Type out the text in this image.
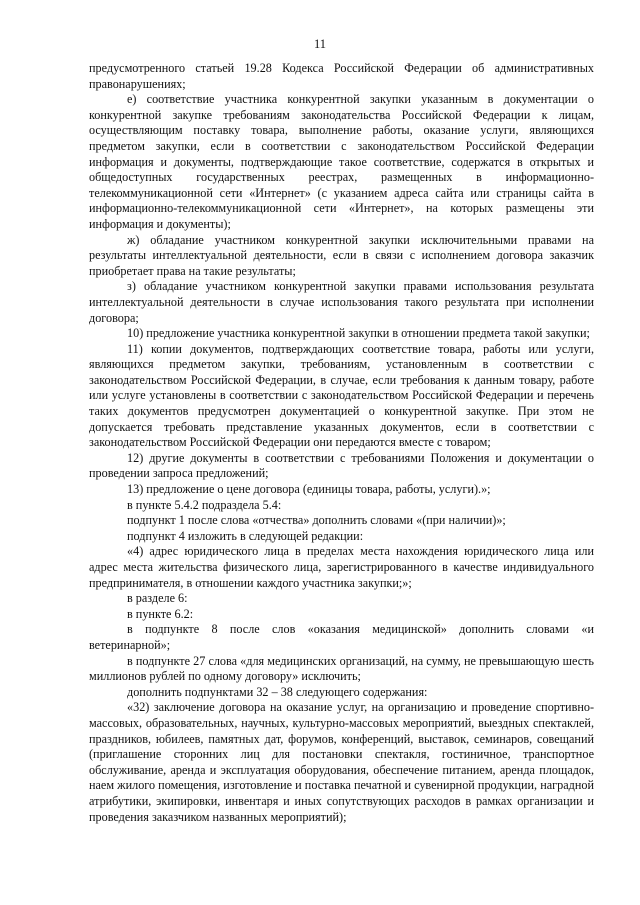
11

предусмотренного статьей 19.28 Кодекса Российской Федерации об административных правонарушениях;

е) соответствие участника конкурентной закупки указанным в документации о конкурентной закупке требованиям законодательства Российской Федерации к лицам, осуществляющим поставку товара, выполнение работы, оказание услуги, являющихся предметом закупки, если в соответствии с законодательством Российской Федерации информация и документы, подтверждающие такое соответствие, содержатся в открытых и общедоступных государственных реестрах, размещенных в информационно-телекоммуникационной сети «Интернет» (с указанием адреса сайта или страницы сайта в информационно-телекоммуникационной сети «Интернет», на которых размещены эти информация и документы);

ж) обладание участником конкурентной закупки исключительными правами на результаты интеллектуальной деятельности, если в связи с исполнением договора заказчик приобретает права на такие результаты;

з) обладание участником конкурентной закупки правами использования результата интеллектуальной деятельности в случае использования такого результата при исполнении договора;

10) предложение участника конкурентной закупки в отношении предмета такой закупки;

11) копии документов, подтверждающих соответствие товара, работы или услуги, являющихся предметом закупки, требованиям, установленным в соответствии с законодательством Российской Федерации, в случае, если требования к данным товару, работе или услуге установлены в соответствии с законодательством Российской Федерации и перечень таких документов предусмотрен документацией о конкурентной закупке. При этом не допускается требовать представление указанных документов, если в соответствии с законодательством Российской Федерации они передаются вместе с товаром;

12) другие документы в соответствии с требованиями Положения и документации о проведении запроса предложений;

13) предложение о цене договора (единицы товара, работы, услуги).»;

в пункте 5.4.2 подраздела 5.4:

подпункт 1 после слова «отчества» дополнить словами «(при наличии)»;

подпункт 4 изложить в следующей редакции:

«4) адрес юридического лица в пределах места нахождения юридического лица или адрес места жительства физического лица, зарегистрированного в качестве индивидуального предпринимателя, в отношении каждого участника закупки;»;

в разделе 6:

в пункте 6.2:

в подпункте 8 после слов «оказания медицинской» дополнить словами «и ветеринарной»;

в подпункте 27 слова «для медицинских организаций, на сумму, не превышающую шесть миллионов рублей по одному договору» исключить;

дополнить подпунктами 32 – 38 следующего содержания:

«32) заключение договора на оказание услуг, на организацию и проведение спортивно-массовых, образовательных, научных, культурно-массовых мероприятий, выездных спектаклей, праздников, юбилеев, памятных дат, форумов, конференций, выставок, семинаров, совещаний (приглашение сторонних лиц для постановки спектакля, гостиничное, транспортное обслуживание, аренда и эксплуатация оборудования, обеспечение питанием, аренда площадок, наем жилого помещения, изготовление и поставка печатной и сувенирной продукции, наградной атрибутики, экипировки, инвентаря и иных сопутствующих расходов в рамках организации и проведения заказчиком названных мероприятий);
